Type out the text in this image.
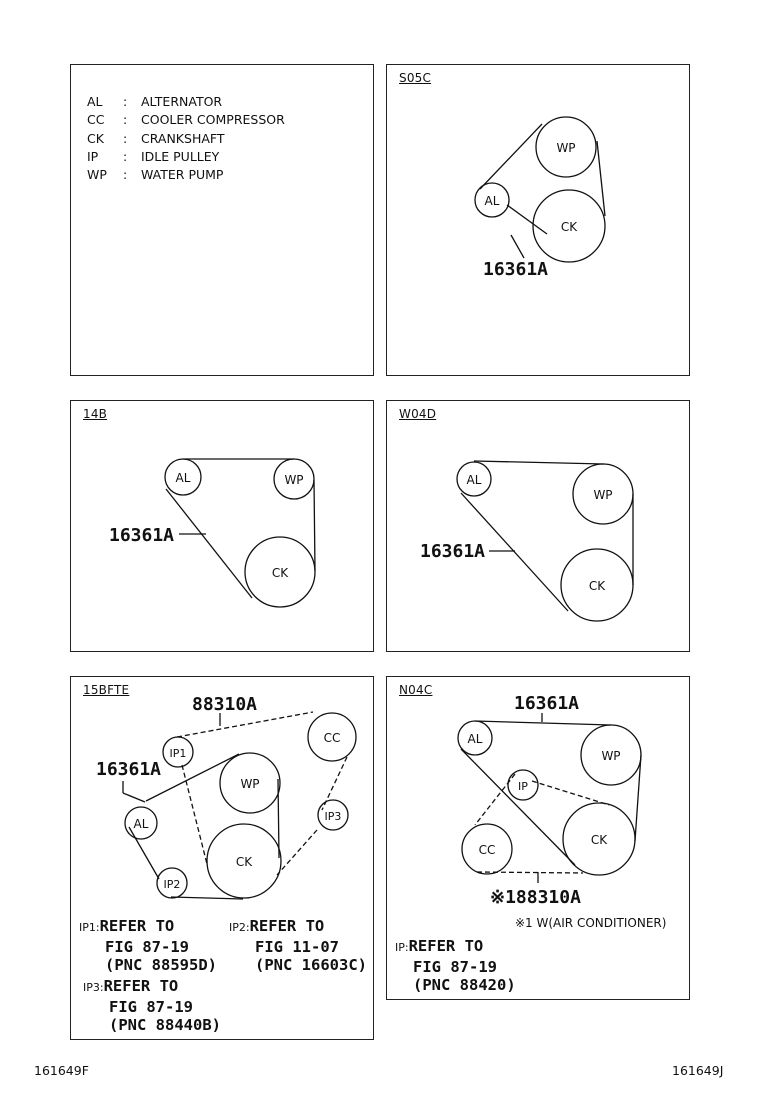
AL	:	ALTERNATOR
CC	:	COOLER COMPRESSOR
CK	:	CRANKSHAFT
IP	:	IDLE PULLEY
WP	:	WATER PUMP
S05C
WP
AL
CK
16361A
14B
AL	WP
CK
16361A
W04D
AL
WP
CK
16361A
15BFTE
IP1
CC
WP
IP3
AL
CK
IP2
88310A
16361A
IP1:REFER TO
FIG 87-19
(PNC 88595D)
IP2:REFER TO
FIG 11-07
(PNC 16603C)
IP3:REFER TO
FIG 87-19
(PNC 88440B)
N04C
AL
WP
IP
CC
CK
16361A
※188310A
※1 W(AIR CONDITIONER)
IP:REFER TO
FIG 87-19
(PNC 88420)
161649F	161649J
